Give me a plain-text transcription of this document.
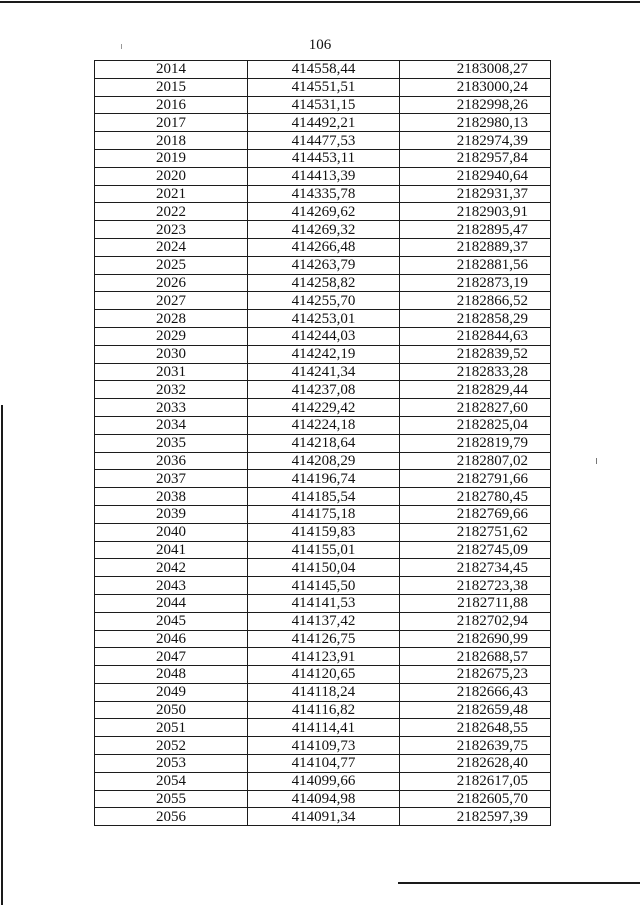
106
2014	414558,44	2183008,27
2015	414551,51	2183000,24
2016	414531,15	2182998,26
2017	414492,21	2182980,13
2018	414477,53	2182974,39
2019	414453,11	2182957,84
2020	414413,39	2182940,64
2021	414335,78	2182931,37
2022	414269,62	2182903,91
2023	414269,32	2182895,47
2024	414266,48	2182889,37
2025	414263,79	2182881,56
2026	414258,82	2182873,19
2027	414255,70	2182866,52
2028	414253,01	2182858,29
2029	414244,03	2182844,63
2030	414242,19	2182839,52
2031	414241,34	2182833,28
2032	414237,08	2182829,44
2033	414229,42	2182827,60
2034	414224,18	2182825,04
2035	414218,64	2182819,79
2036	414208,29	2182807,02
2037	414196,74	2182791,66
2038	414185,54	2182780,45
2039	414175,18	2182769,66
2040	414159,83	2182751,62
2041	414155,01	2182745,09
2042	414150,04	2182734,45
2043	414145,50	2182723,38
2044	414141,53	2182711,88
2045	414137,42	2182702,94
2046	414126,75	2182690,99
2047	414123,91	2182688,57
2048	414120,65	2182675,23
2049	414118,24	2182666,43
2050	414116,82	2182659,48
2051	414114,41	2182648,55
2052	414109,73	2182639,75
2053	414104,77	2182628,40
2054	414099,66	2182617,05
2055	414094,98	2182605,70
2056	414091,34	2182597,39
